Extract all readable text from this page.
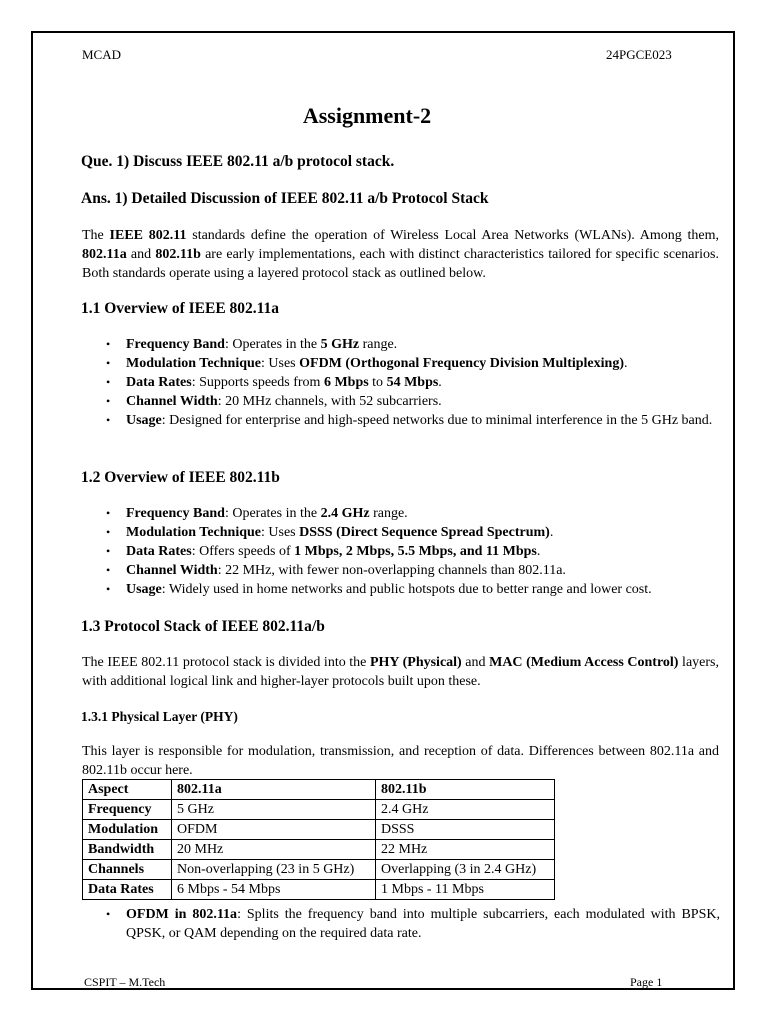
MCAD	24PGCE023
Assignment-2
Que. 1) Discuss IEEE 802.11 a/b protocol stack.
Ans. 1) Detailed Discussion of IEEE 802.11 a/b Protocol Stack
The IEEE 802.11 standards define the operation of Wireless Local Area Networks (WLANs). Among them, 802.11a and 802.11b are early implementations, each with distinct characteristics tailored for specific scenarios. Both standards operate using a layered protocol stack as outlined below.
1.1 Overview of IEEE 802.11a
• Frequency Band: Operates in the 5 GHz range.
• Modulation Technique: Uses OFDM (Orthogonal Frequency Division Multiplexing).
• Data Rates: Supports speeds from 6 Mbps to 54 Mbps.
• Channel Width: 20 MHz channels, with 52 subcarriers.
• Usage: Designed for enterprise and high-speed networks due to minimal interference in the 5 GHz band.
1.2 Overview of IEEE 802.11b
• Frequency Band: Operates in the 2.4 GHz range.
• Modulation Technique: Uses DSSS (Direct Sequence Spread Spectrum).
• Data Rates: Offers speeds of 1 Mbps, 2 Mbps, 5.5 Mbps, and 11 Mbps.
• Channel Width: 22 MHz, with fewer non-overlapping channels than 802.11a.
• Usage: Widely used in home networks and public hotspots due to better range and lower cost.
1.3 Protocol Stack of IEEE 802.11a/b
The IEEE 802.11 protocol stack is divided into the PHY (Physical) and MAC (Medium Access Control) layers, with additional logical link and higher-layer protocols built upon these.
1.3.1 Physical Layer (PHY)
This layer is responsible for modulation, transmission, and reception of data. Differences between 802.11a and 802.11b occur here.
Aspect	802.11a	802.11b
Frequency	5 GHz	2.4 GHz
Modulation	OFDM	DSSS
Bandwidth	20 MHz	22 MHz
Channels	Non-overlapping (23 in 5 GHz)	Overlapping (3 in 2.4 GHz)
Data Rates	6 Mbps - 54 Mbps	1 Mbps - 11 Mbps
• OFDM in 802.11a: Splits the frequency band into multiple subcarriers, each modulated with BPSK, QPSK, or QAM depending on the required data rate.
CSPIT – M.Tech	Page 1
